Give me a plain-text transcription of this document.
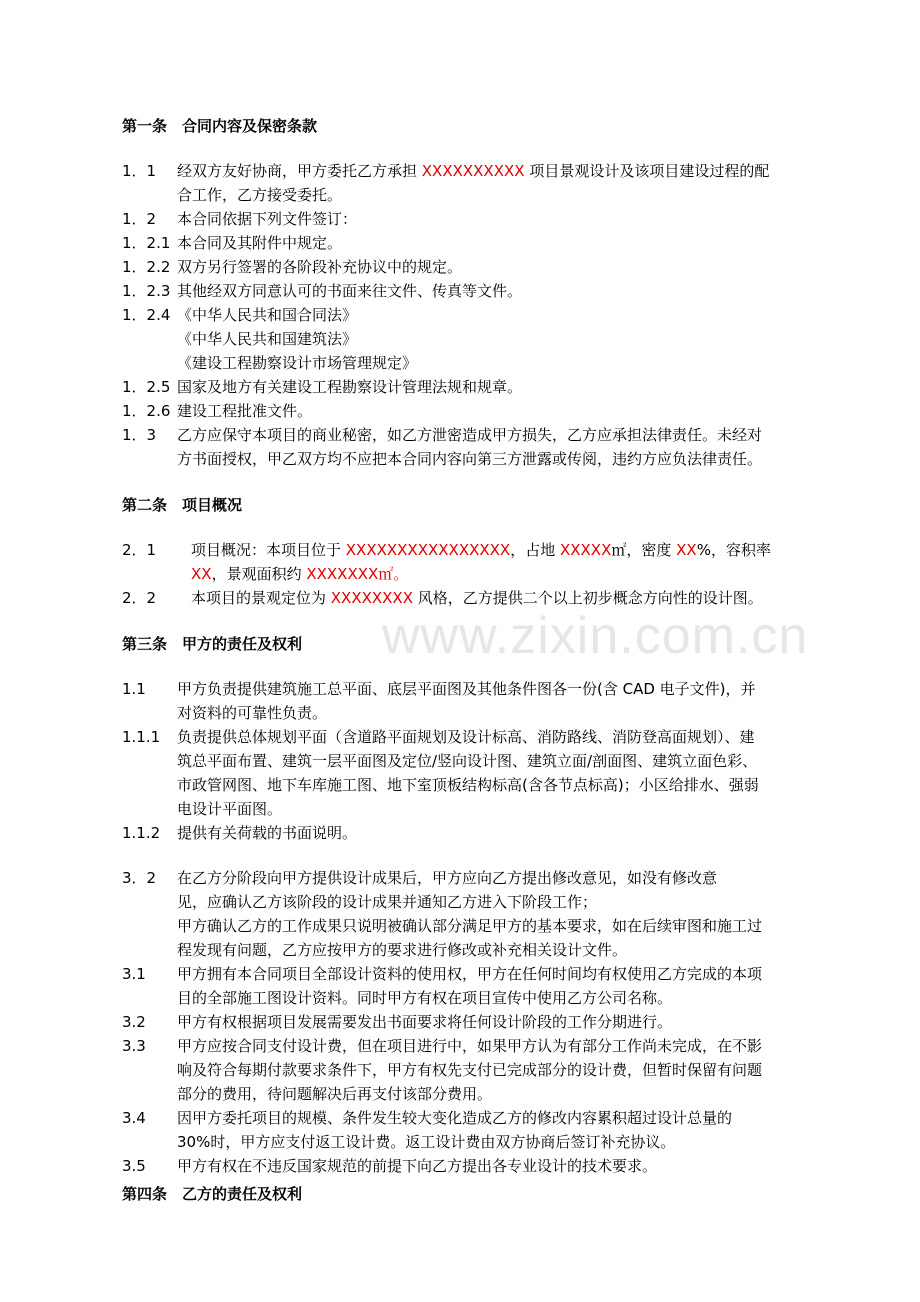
www.zixin.com.cn
第一条　合同内容及保密条款
1．1 经双方友好协商，甲方委托乙方承担 XXXXXXXXXX 项目景观设计及该项目建设过程的配
合工作，乙方接受委托。
1．2 本合同依据下列文件签订：
1．2.1 本合同及其附件中规定。
1．2.2 双方另行签署的各阶段补充协议中的规定。
1．2.3 其他经双方同意认可的书面来往文件、传真等文件。
1．2.4 《中华人民共和国合同法》
《中华人民共和国建筑法》
《建设工程勘察设计市场管理规定》
1．2.5 国家及地方有关建设工程勘察设计管理法规和规章。
1．2.6 建设工程批准文件。
1．3 乙方应保守本项目的商业秘密，如乙方泄密造成甲方损失，乙方应承担法律责任。未经对
方书面授权，甲乙双方均不应把本合同内容向第三方泄露或传阅，违约方应负法律责任。
第二条　项目概况
2．1 项目概况：本项目位于 XXXXXXXXXXXXXXXX，占地 XXXXX㎡，密度 XX%，容积率
XX，景观面积约 XXXXXXX㎡。
2．2 本项目的景观定位为 XXXXXXXX 风格，乙方提供二个以上初步概念方向性的设计图。
第三条　甲方的责任及权利
1.1 甲方负责提供建筑施工总平面、底层平面图及其他条件图各一份(含 CAD 电子文件)，并
对资料的可靠性负责。
1.1.1 负责提供总体规划平面（含道路平面规划及设计标高、消防路线、消防登高面规划）、建
筑总平面布置、建筑一层平面图及定位/竖向设计图、建筑立面/剖面图、建筑立面色彩、
市政管网图、地下车库施工图、地下室顶板结构标高(含各节点标高)；小区给排水、强弱
电设计平面图。
1.1.2 提供有关荷载的书面说明。
3．2 在乙方分阶段向甲方提供设计成果后，甲方应向乙方提出修改意见，如没有修改意
见，应确认乙方该阶段的设计成果并通知乙方进入下阶段工作；
甲方确认乙方的工作成果只说明被确认部分满足甲方的基本要求，如在后续审图和施工过
程发现有问题，乙方应按甲方的要求进行修改或补充相关设计文件。
3.1 甲方拥有本合同项目全部设计资料的使用权，甲方在任何时间均有权使用乙方完成的本项
目的全部施工图设计资料。同时甲方有权在项目宣传中使用乙方公司名称。
3.2 甲方有权根据项目发展需要发出书面要求将任何设计阶段的工作分期进行。
3.3 甲方应按合同支付设计费，但在项目进行中，如果甲方认为有部分工作尚未完成，在不影
响及符合每期付款要求条件下，甲方有权先支付已完成部分的设计费，但暂时保留有问题
部分的费用，待问题解决后再支付该部分费用。
3.4 因甲方委托项目的规模、条件发生较大变化造成乙方的修改内容累积超过设计总量的
30%时，甲方应支付返工设计费。返工设计费由双方协商后签订补充协议。
3.5 甲方有权在不违反国家规范的前提下向乙方提出各专业设计的技术要求。
第四条　乙方的责任及权利
